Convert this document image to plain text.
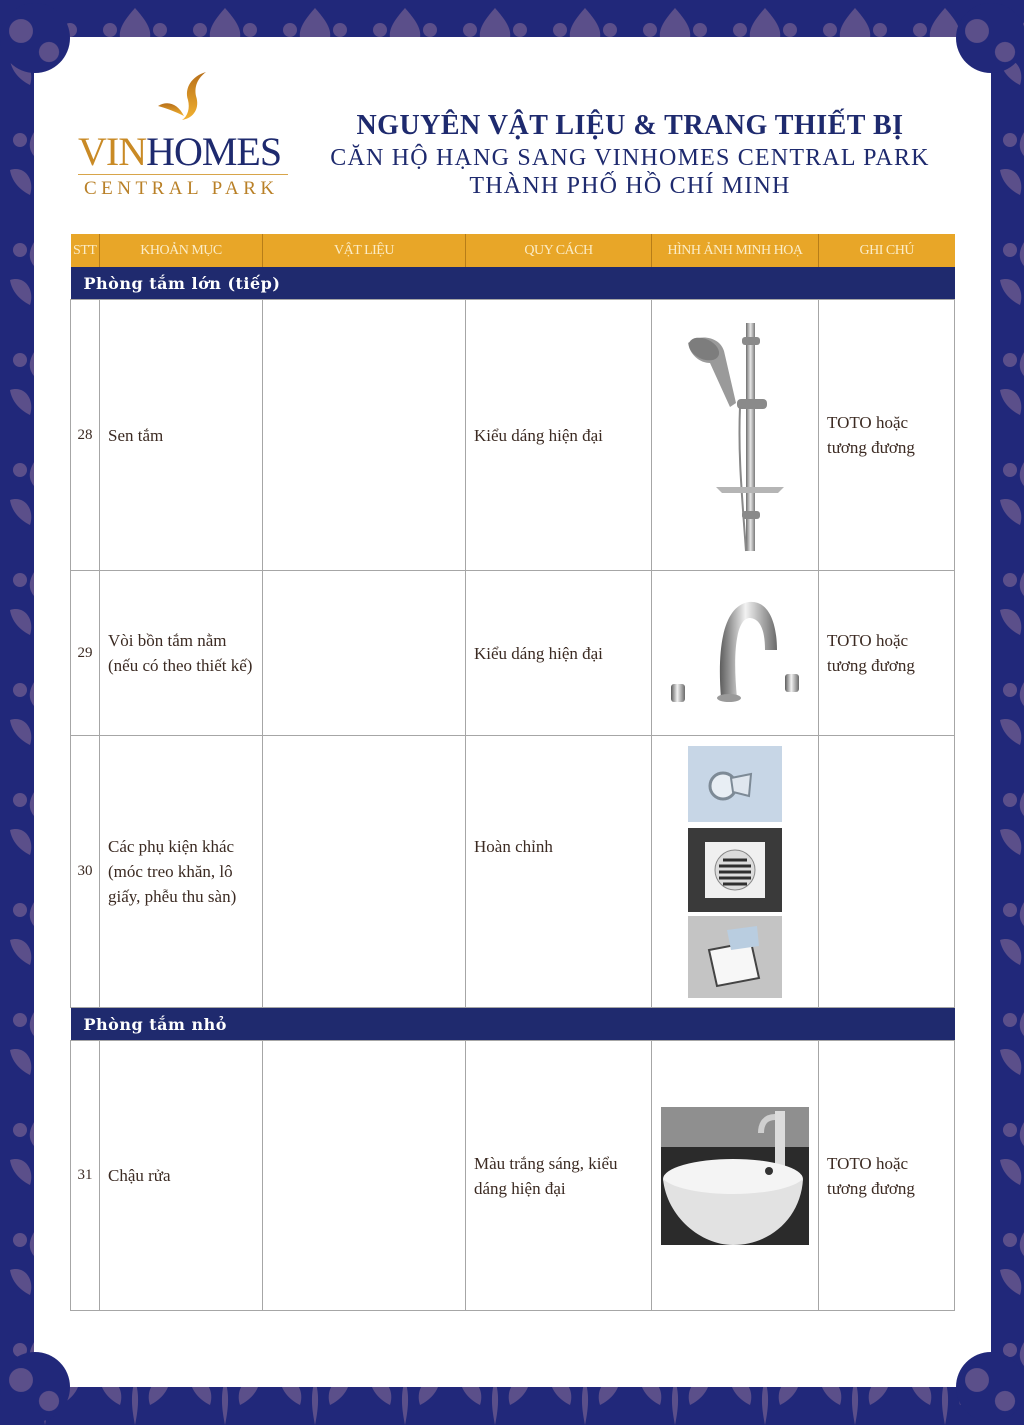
VINHOMES
CENTRAL PARK
NGUYÊN VẬT LIỆU & TRANG THIẾT BỊ
CĂN HỘ HẠNG SANG VINHOMES CENTRAL PARK
THÀNH PHỐ HỒ CHÍ MINH
STT	KHOẢN MỤC	VẬT LIỆU	QUY CÁCH	HÌNH ẢNH MINH HOẠ	GHI CHÚ
Phòng tắm lớn (tiếp)					
28	Sen tắm		Kiểu dáng hiện đại		TOTO hoặc tương đương
29	Vòi bồn tắm nằm (nếu có theo thiết kế)		Kiểu dáng hiện đại		TOTO hoặc tương đương
30	Các phụ kiện khác (móc treo khăn, lô giấy, phễu thu sàn)		Hoàn chỉnh	

Phòng tắm nhỏ					
31	Chậu rửa		Màu trắng sáng, kiểu dáng hiện đại		TOTO hoặc tương đương
